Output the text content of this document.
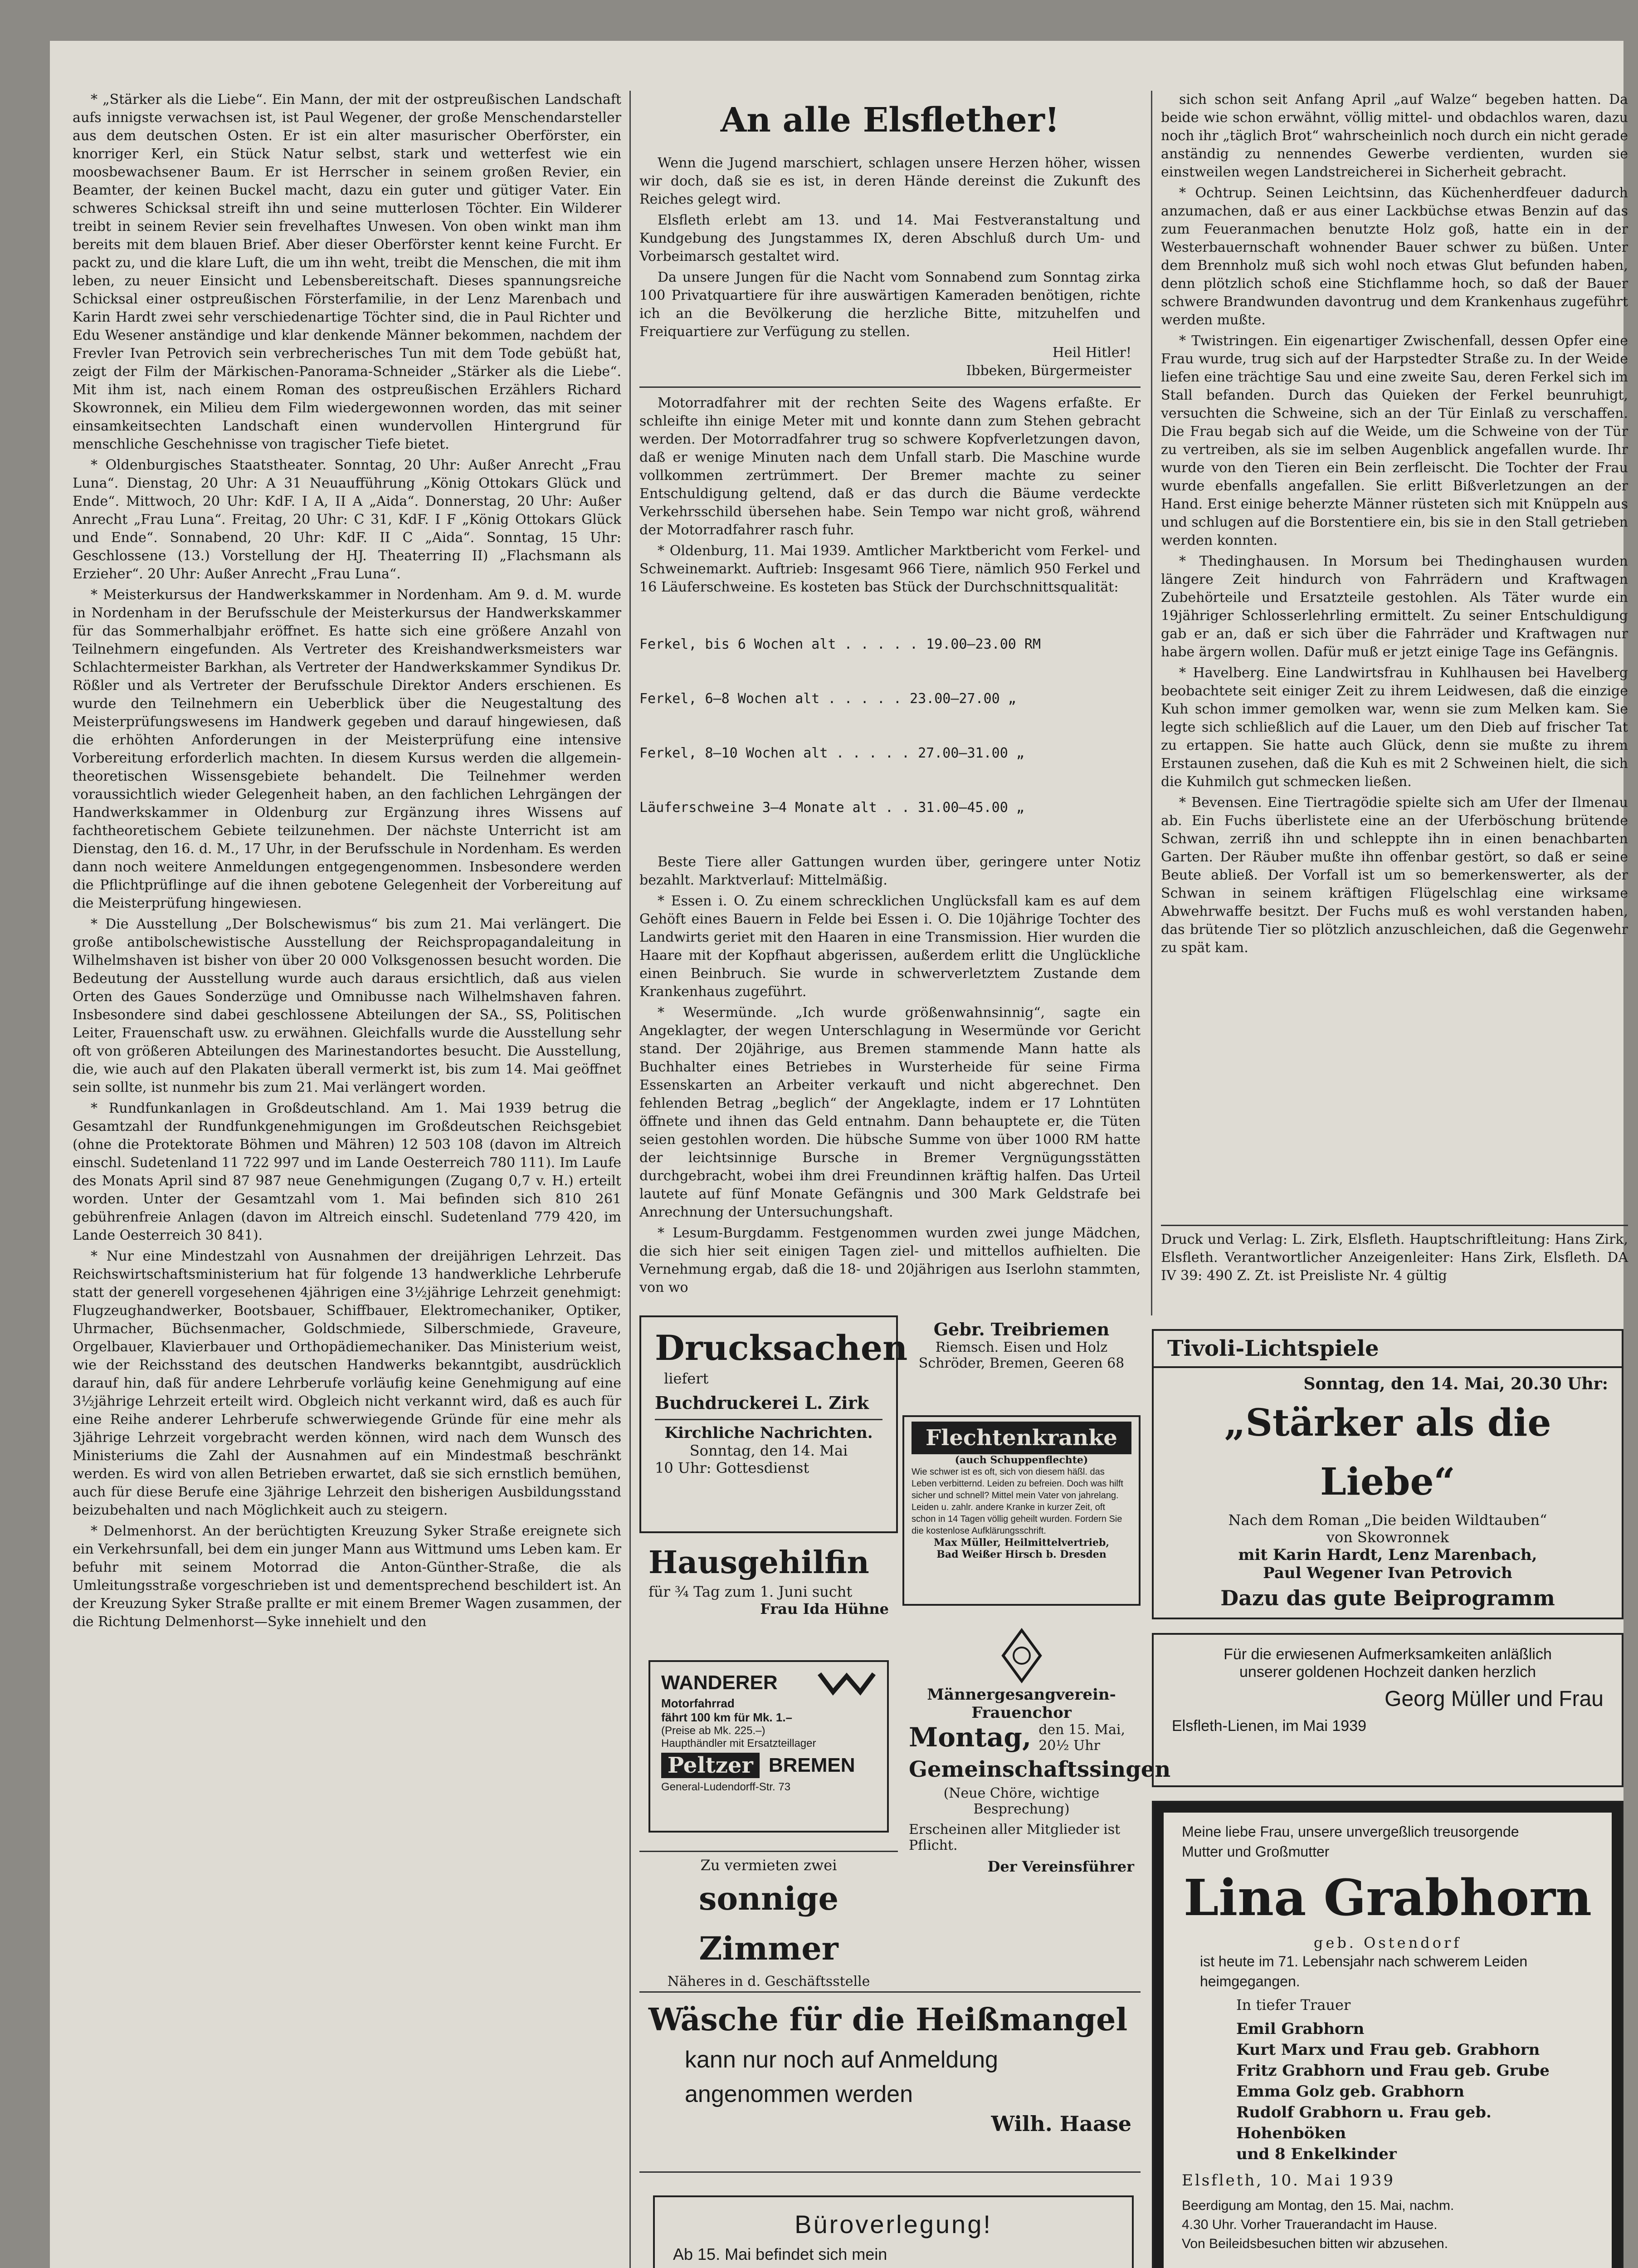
* „Stärker als die Liebe“. Ein Mann, der mit der ostpreußischen Landschaft aufs innigste verwachsen ist, ist Paul Wegener, der große Menschendarsteller aus dem deutschen Osten. Er ist ein alter masurischer Oberförster, ein knorriger Kerl, ein Stück Natur selbst, stark und wetterfest wie ein moosbewachsener Baum. Er ist Herrscher in seinem großen Revier, ein Beamter, der keinen Buckel macht, dazu ein guter und gütiger Vater. Ein schweres Schicksal streift ihn und seine mutterlosen Töchter. Ein Wilderer treibt in seinem Revier sein frevelhaftes Unwesen. Von oben winkt man ihm bereits mit dem blauen Brief. Aber dieser Oberförster kennt keine Furcht. Er packt zu, und die klare Luft, die um ihn weht, treibt die Menschen, die mit ihm leben, zu neuer Einsicht und Lebensbereitschaft. Dieses spannungsreiche Schicksal einer ostpreußischen Försterfamilie, in der Lenz Marenbach und Karin Hardt zwei sehr verschiedenartige Töchter sind, die in Paul Richter und Edu Wesener anständige und klar denkende Männer bekommen, nachdem der Frevler Ivan Petrovich sein verbrecherisches Tun mit dem Tode gebüßt hat, zeigt der Film der Märkischen-Panorama-Schneider „Stärker als die Liebe“. Mit ihm ist, nach einem Roman des ostpreußischen Erzählers Richard Skowronnek, ein Milieu dem Film wiedergewonnen worden, das mit seiner einsamkeitsechten Landschaft einen wundervollen Hintergrund für menschliche Geschehnisse von tragischer Tiefe bietet.

* Oldenburgisches Staatstheater. Sonntag, 20 Uhr: Außer Anrecht „Frau Luna“. Dienstag, 20 Uhr: A 31 Neuaufführung „König Ottokars Glück und Ende“. Mittwoch, 20 Uhr: KdF. I A, II A „Aida“. Donnerstag, 20 Uhr: Außer Anrecht „Frau Luna“. Freitag, 20 Uhr: C 31, KdF. I F „König Ottokars Glück und Ende“. Sonnabend, 20 Uhr: KdF. II C „Aida“. Sonntag, 15 Uhr: Geschlossene (13.) Vorstellung der HJ. Theaterring II) „Flachsmann als Erzieher“. 20 Uhr: Außer Anrecht „Frau Luna“.

* Meisterkursus der Handwerkskammer in Nordenham. Am 9. d. M. wurde in Nordenham in der Berufsschule der Meisterkursus der Handwerkskammer für das Sommerhalbjahr eröffnet. Es hatte sich eine größere Anzahl von Teilnehmern eingefunden. Als Vertreter des Kreishandwerksmeisters war Schlachtermeister Barkhan, als Vertreter der Handwerkskammer Syndikus Dr. Rößler und als Vertreter der Berufsschule Direktor Anders erschienen. Es wurde den Teilnehmern ein Ueberblick über die Neugestaltung des Meisterprüfungswesens im Handwerk gegeben und darauf hingewiesen, daß die erhöhten Anforderungen in der Meisterprüfung eine intensive Vorbereitung erforderlich machten. In diesem Kursus werden die allgemein-theoretischen Wissensgebiete behandelt. Die Teilnehmer werden voraussichtlich wieder Gelegenheit haben, an den fachlichen Lehrgängen der Handwerkskammer in Oldenburg zur Ergänzung ihres Wissens auf fachtheoretischem Gebiete teilzunehmen. Der nächste Unterricht ist am Dienstag, den 16. d. M., 17 Uhr, in der Berufsschule in Nordenham. Es werden dann noch weitere Anmeldungen entgegengenommen. Insbesondere werden die Pflichtprüflinge auf die ihnen gebotene Gelegenheit der Vorbereitung auf die Meisterprüfung hingewiesen.

* Die Ausstellung „Der Bolschewismus“ bis zum 21. Mai verlängert. Die große antibolschewistische Ausstellung der Reichspropagandaleitung in Wilhelmshaven ist bisher von über 20 000 Volksgenossen besucht worden. Die Bedeutung der Ausstellung wurde auch daraus ersichtlich, daß aus vielen Orten des Gaues Sonderzüge und Omnibusse nach Wilhelmshaven fahren. Insbesondere sind dabei geschlossene Abteilungen der SA., SS, Politischen Leiter, Frauenschaft usw. zu erwähnen. Gleichfalls wurde die Ausstellung sehr oft von größeren Abteilungen des Marinestandortes besucht. Die Ausstellung, die, wie auch auf den Plakaten überall vermerkt ist, bis zum 14. Mai geöffnet sein sollte, ist nunmehr bis zum 21. Mai verlängert worden.

* Rundfunkanlagen in Großdeutschland. Am 1. Mai 1939 betrug die Gesamtzahl der Rundfunkgenehmigungen im Großdeutschen Reichsgebiet (ohne die Protektorate Böhmen und Mähren) 12 503 108 (davon im Altreich einschl. Sudetenland 11 722 997 und im Lande Oesterreich 780 111). Im Laufe des Monats April sind 87 987 neue Genehmigungen (Zugang 0,7 v. H.) erteilt worden. Unter der Gesamtzahl vom 1. Mai befinden sich 810 261 gebührenfreie Anlagen (davon im Altreich einschl. Sudetenland 779 420, im Lande Oesterreich 30 841).

* Nur eine Mindestzahl von Ausnahmen der dreijährigen Lehrzeit. Das Reichswirtschaftsministerium hat für folgende 13 handwerkliche Lehrberufe statt der generell vorgesehenen 4jährigen eine 3½jährige Lehrzeit genehmigt: Flugzeughandwerker, Bootsbauer, Schiffbauer, Elektromechaniker, Optiker, Uhrmacher, Büchsenmacher, Goldschmiede, Silberschmiede, Graveure, Orgelbauer, Klavierbauer und Orthopädiemechaniker. Das Ministerium weist, wie der Reichsstand des deutschen Handwerks bekanntgibt, ausdrücklich darauf hin, daß für andere Lehrberufe vorläufig keine Genehmigung auf eine 3½jährige Lehrzeit erteilt wird. Obgleich nicht verkannt wird, daß es auch für eine Reihe anderer Lehrberufe schwerwiegende Gründe für eine mehr als 3jährige Lehrzeit vorgebracht werden können, wird nach dem Wunsch des Ministeriums die Zahl der Ausnahmen auf ein Mindestmaß beschränkt werden. Es wird von allen Betrieben erwartet, daß sie sich ernstlich bemühen, auch für diese Berufe eine 3jährige Lehrzeit den bisherigen Ausbildungsstand beizubehalten und nach Möglichkeit auch zu steigern.

* Delmenhorst. An der berüchtigten Kreuzung Syker Straße ereignete sich ein Verkehrsunfall, bei dem ein junger Mann aus Wittmund ums Leben kam. Er befuhr mit seinem Motorrad die Anton-Günther-Straße, die als Umleitungsstraße vorgeschrieben ist und dementsprechend beschildert ist. An der Kreuzung Syker Straße prallte er mit einem Bremer Wagen zusammen, der die Richtung Delmenhorst—Syke innehielt und den

An alle Elsflether!

Wenn die Jugend marschiert, schlagen unsere Herzen höher, wissen wir doch, daß sie es ist, in deren Hände dereinst die Zukunft des Reiches gelegt wird.

Elsfleth erlebt am 13. und 14. Mai Festveranstaltung und Kundgebung des Jungstammes IX, deren Abschluß durch Um- und Vorbeimarsch gestaltet wird.

Da unsere Jungen für die Nacht vom Sonnabend zum Sonntag zirka 100 Privatquartiere für ihre auswärtigen Kameraden benötigen, richte ich an die Bevölkerung die herzliche Bitte, mitzuhelfen und Freiquartiere zur Verfügung zu stellen.

Heil Hitler!
Ibbeken, Bürgermeister

Motorradfahrer mit der rechten Seite des Wagens erfaßte. Er schleifte ihn einige Meter mit und konnte dann zum Stehen gebracht werden. Der Motorradfahrer trug so schwere Kopfverletzungen davon, daß er wenige Minuten nach dem Unfall starb. Die Maschine wurde vollkommen zertrümmert. Der Bremer machte zu seiner Entschuldigung geltend, daß er das durch die Bäume verdeckte Verkehrsschild übersehen habe. Sein Tempo war nicht groß, während der Motorradfahrer rasch fuhr.

* Oldenburg, 11. Mai 1939. Amtlicher Marktbericht vom Ferkel- und Schweinemarkt. Auftrieb: Insgesamt 966 Tiere, nämlich 950 Ferkel und 16 Läuferschweine. Es kosteten bas Stück der Durchschnittsqualität:

Ferkel, bis 6 Wochen alt . . . . . 19.00—23.00 RM

Ferkel, 6—8 Wochen alt . . . . . 23.00—27.00 „

Ferkel, 8—10 Wochen alt . . . . . 27.00—31.00 „

Läuferschweine 3—4 Monate alt . . 31.00—45.00 „

Beste Tiere aller Gattungen wurden über, geringere unter Notiz bezahlt. Marktverlauf: Mittelmäßig.

* Essen i. O. Zu einem schrecklichen Unglücksfall kam es auf dem Gehöft eines Bauern in Felde bei Essen i. O. Die 10jährige Tochter des Landwirts geriet mit den Haaren in eine Transmission. Hier wurden die Haare mit der Kopfhaut abgerissen, außerdem erlitt die Unglückliche einen Beinbruch. Sie wurde in schwerverletztem Zustande dem Krankenhaus zugeführt.

* Wesermünde. „Ich wurde größenwahnsinnig“, sagte ein Angeklagter, der wegen Unterschlagung in Wesermünde vor Gericht stand. Der 20jährige, aus Bremen stammende Mann hatte als Buchhalter eines Betriebes in Wursterheide für seine Firma Essenskarten an Arbeiter verkauft und nicht abgerechnet. Den fehlenden Betrag „beglich“ der Angeklagte, indem er 17 Lohntüten öffnete und ihnen das Geld entnahm. Dann behauptete er, die Tüten seien gestohlen worden. Die hübsche Summe von über 1000 RM hatte der leichtsinnige Bursche in Bremer Vergnügungsstätten durchgebracht, wobei ihm drei Freundinnen kräftig halfen. Das Urteil lautete auf fünf Monate Gefängnis und 300 Mark Geldstrafe bei Anrechnung der Untersuchungshaft.

* Lesum-Burgdamm. Festgenommen wurden zwei junge Mädchen, die sich hier seit einigen Tagen ziel- und mittellos aufhielten. Die Vernehmung ergab, daß die 18- und 20jährigen aus Iserlohn stammten, von wo

sich schon seit Anfang April „auf Walze“ begeben hatten. Da beide wie schon erwähnt, völlig mittel- und obdachlos waren, dazu noch ihr „täglich Brot“ wahrscheinlich noch durch ein nicht gerade anständig zu nennendes Gewerbe verdienten, wurden sie einstweilen wegen Landstreicherei in Sicherheit gebracht.

* Ochtrup. Seinen Leichtsinn, das Küchenherdfeuer dadurch anzumachen, daß er aus einer Lackbüchse etwas Benzin auf das zum Feueranmachen benutzte Holz goß, hatte ein in der Westerbauernschaft wohnender Bauer schwer zu büßen. Unter dem Brennholz muß sich wohl noch etwas Glut befunden haben, denn plötzlich schoß eine Stichflamme hoch, so daß der Bauer schwere Brandwunden davontrug und dem Krankenhaus zugeführt werden mußte.

* Twistringen. Ein eigenartiger Zwischenfall, dessen Opfer eine Frau wurde, trug sich auf der Harpstedter Straße zu. In der Weide liefen eine trächtige Sau und eine zweite Sau, deren Ferkel sich im Stall befanden. Durch das Quieken der Ferkel beunruhigt, versuchten die Schweine, sich an der Tür Einlaß zu verschaffen. Die Frau begab sich auf die Weide, um die Schweine von der Tür zu vertreiben, als sie im selben Augenblick angefallen wurde. Ihr wurde von den Tieren ein Bein zerfleischt. Die Tochter der Frau wurde ebenfalls angefallen. Sie erlitt Bißverletzungen an der Hand. Erst einige beherzte Männer rüsteten sich mit Knüppeln aus und schlugen auf die Borstentiere ein, bis sie in den Stall getrieben werden konnten.

* Thedinghausen. In Morsum bei Thedinghausen wurden längere Zeit hindurch von Fahrrädern und Kraftwagen Zubehörteile und Ersatzteile gestohlen. Als Täter wurde ein 19jähriger Schlosserlehrling ermittelt. Zu seiner Entschuldigung gab er an, daß er sich über die Fahrräder und Kraftwagen nur habe ärgern wollen. Dafür muß er jetzt einige Tage ins Gefängnis.

* Havelberg. Eine Landwirtsfrau in Kuhlhausen bei Havelberg beobachtete seit einiger Zeit zu ihrem Leidwesen, daß die einzige Kuh schon immer gemolken war, wenn sie zum Melken kam. Sie legte sich schließlich auf die Lauer, um den Dieb auf frischer Tat zu ertappen. Sie hatte auch Glück, denn sie mußte zu ihrem Erstaunen zusehen, daß die Kuh es mit 2 Schweinen hielt, die sich die Kuhmilch gut schmecken ließen.

* Bevensen. Eine Tiertragödie spielte sich am Ufer der Ilmenau ab. Ein Fuchs überlistete eine an der Uferböschung brütende Schwan, zerriß ihn und schleppte ihn in einen benachbarten Garten. Der Räuber mußte ihn offenbar gestört, so daß er seine Beute abließ. Der Vorfall ist um so bemerkenswerter, als der Schwan in seinem kräftigen Flügelschlag eine wirksame Abwehrwaffe besitzt. Der Fuchs muß es wohl verstanden haben, das brütende Tier so plötzlich anzuschleichen, daß die Gegenwehr zu spät kam.

Druck und Verlag: L. Zirk, Elsfleth. Hauptschriftleitung: Hans Zirk, Elsfleth. Verantwortlicher Anzeigenleiter: Hans Zirk, Elsfleth. DA IV 39: 490 Z. Zt. ist Preisliste Nr. 4 gültig

Drucksachen

liefert

Buchdruckerei L. Zirk

Kirchliche Nachrichten.

Sonntag, den 14. Mai

10 Uhr: Gottesdienst

Gebr. Treibriemen

Riemsch. Eisen und Holz

Schröder, Bremen, Geeren 68

Flechtenkranke

(auch Schuppenflechte)

Wie schwer ist es oft, sich von diesem häßl. das Leben verbitternd. Leiden zu befreien. Doch was hilft sicher und schnell? Mittel mein Vater von jahrelang. Leiden u. zahlr. andere Kranke in kurzer Zeit, oft schon in 14 Tagen völlig geheilt wurden. Fordern Sie die kostenlose Aufklärungsschrift.

Max Müller, Heilmittelvertrieb,

Bad Weißer Hirsch b. Dresden

Hausgehilfin

für ¾ Tag zum 1. Juni sucht

Frau Ida Hühne

WANDERER

Motorfahrrad

fährt 100 km für Mk. 1.–

(Preise ab Mk. 225.–)

Haupthändler mit Ersatzteillager

Peltzer BREMEN

General-Ludendorff-Str. 73

Männergesangverein-Frauenchor

Montag, den 15. Mai,

20½ Uhr

Gemeinschaftssingen

(Neue Chöre, wichtige Besprechung)

Erscheinen aller Mitglieder ist Pflicht.

Der Vereinsführer

Zu vermieten zwei

sonnige Zimmer

Näheres in d. Geschäftsstelle

Wäsche für die Heißmangel

kann nur noch auf Anmeldung

angenommen werden

Wilh. Haase

Büroverlegung!

Ab 15. Mai befindet sich mein

Tivoli-Lichtspiele

Sonntag, den 14. Mai, 20.30 Uhr:

„Stärker als die Liebe“

Nach dem Roman „Die beiden Wildtauben“

von Skowronnek

mit Karin Hardt, Lenz Marenbach,

Paul Wegener Ivan Petrovich

Dazu das gute Beiprogramm

Für die erwiesenen Aufmerksamkeiten anläßlich

unserer goldenen Hochzeit danken herzlich

Georg Müller und Frau

Elsfleth-Lienen, im Mai 1939

Meine liebe Frau, unsere unvergeßlich treusorgende

Mutter und Großmutter

Lina Grabhorn

geb. Ostendorf

ist heute im 71. Lebensjahr nach schwerem Leiden

heimgegangen.

In tiefer Trauer

Emil Grabhorn

Kurt Marx und Frau geb. Grabhorn

Fritz Grabhorn und Frau geb. Grube

Emma Golz geb. Grabhorn

Rudolf Grabhorn u. Frau geb. Hohenböken

und 8 Enkelkinder

Elsfleth, 10. Mai 1939

Beerdigung am Montag, den 15. Mai, nachm.

4.30 Uhr. Vorher Trauerandacht im Hause.

Von Beileidsbesuchen bitten wir abzusehen.
